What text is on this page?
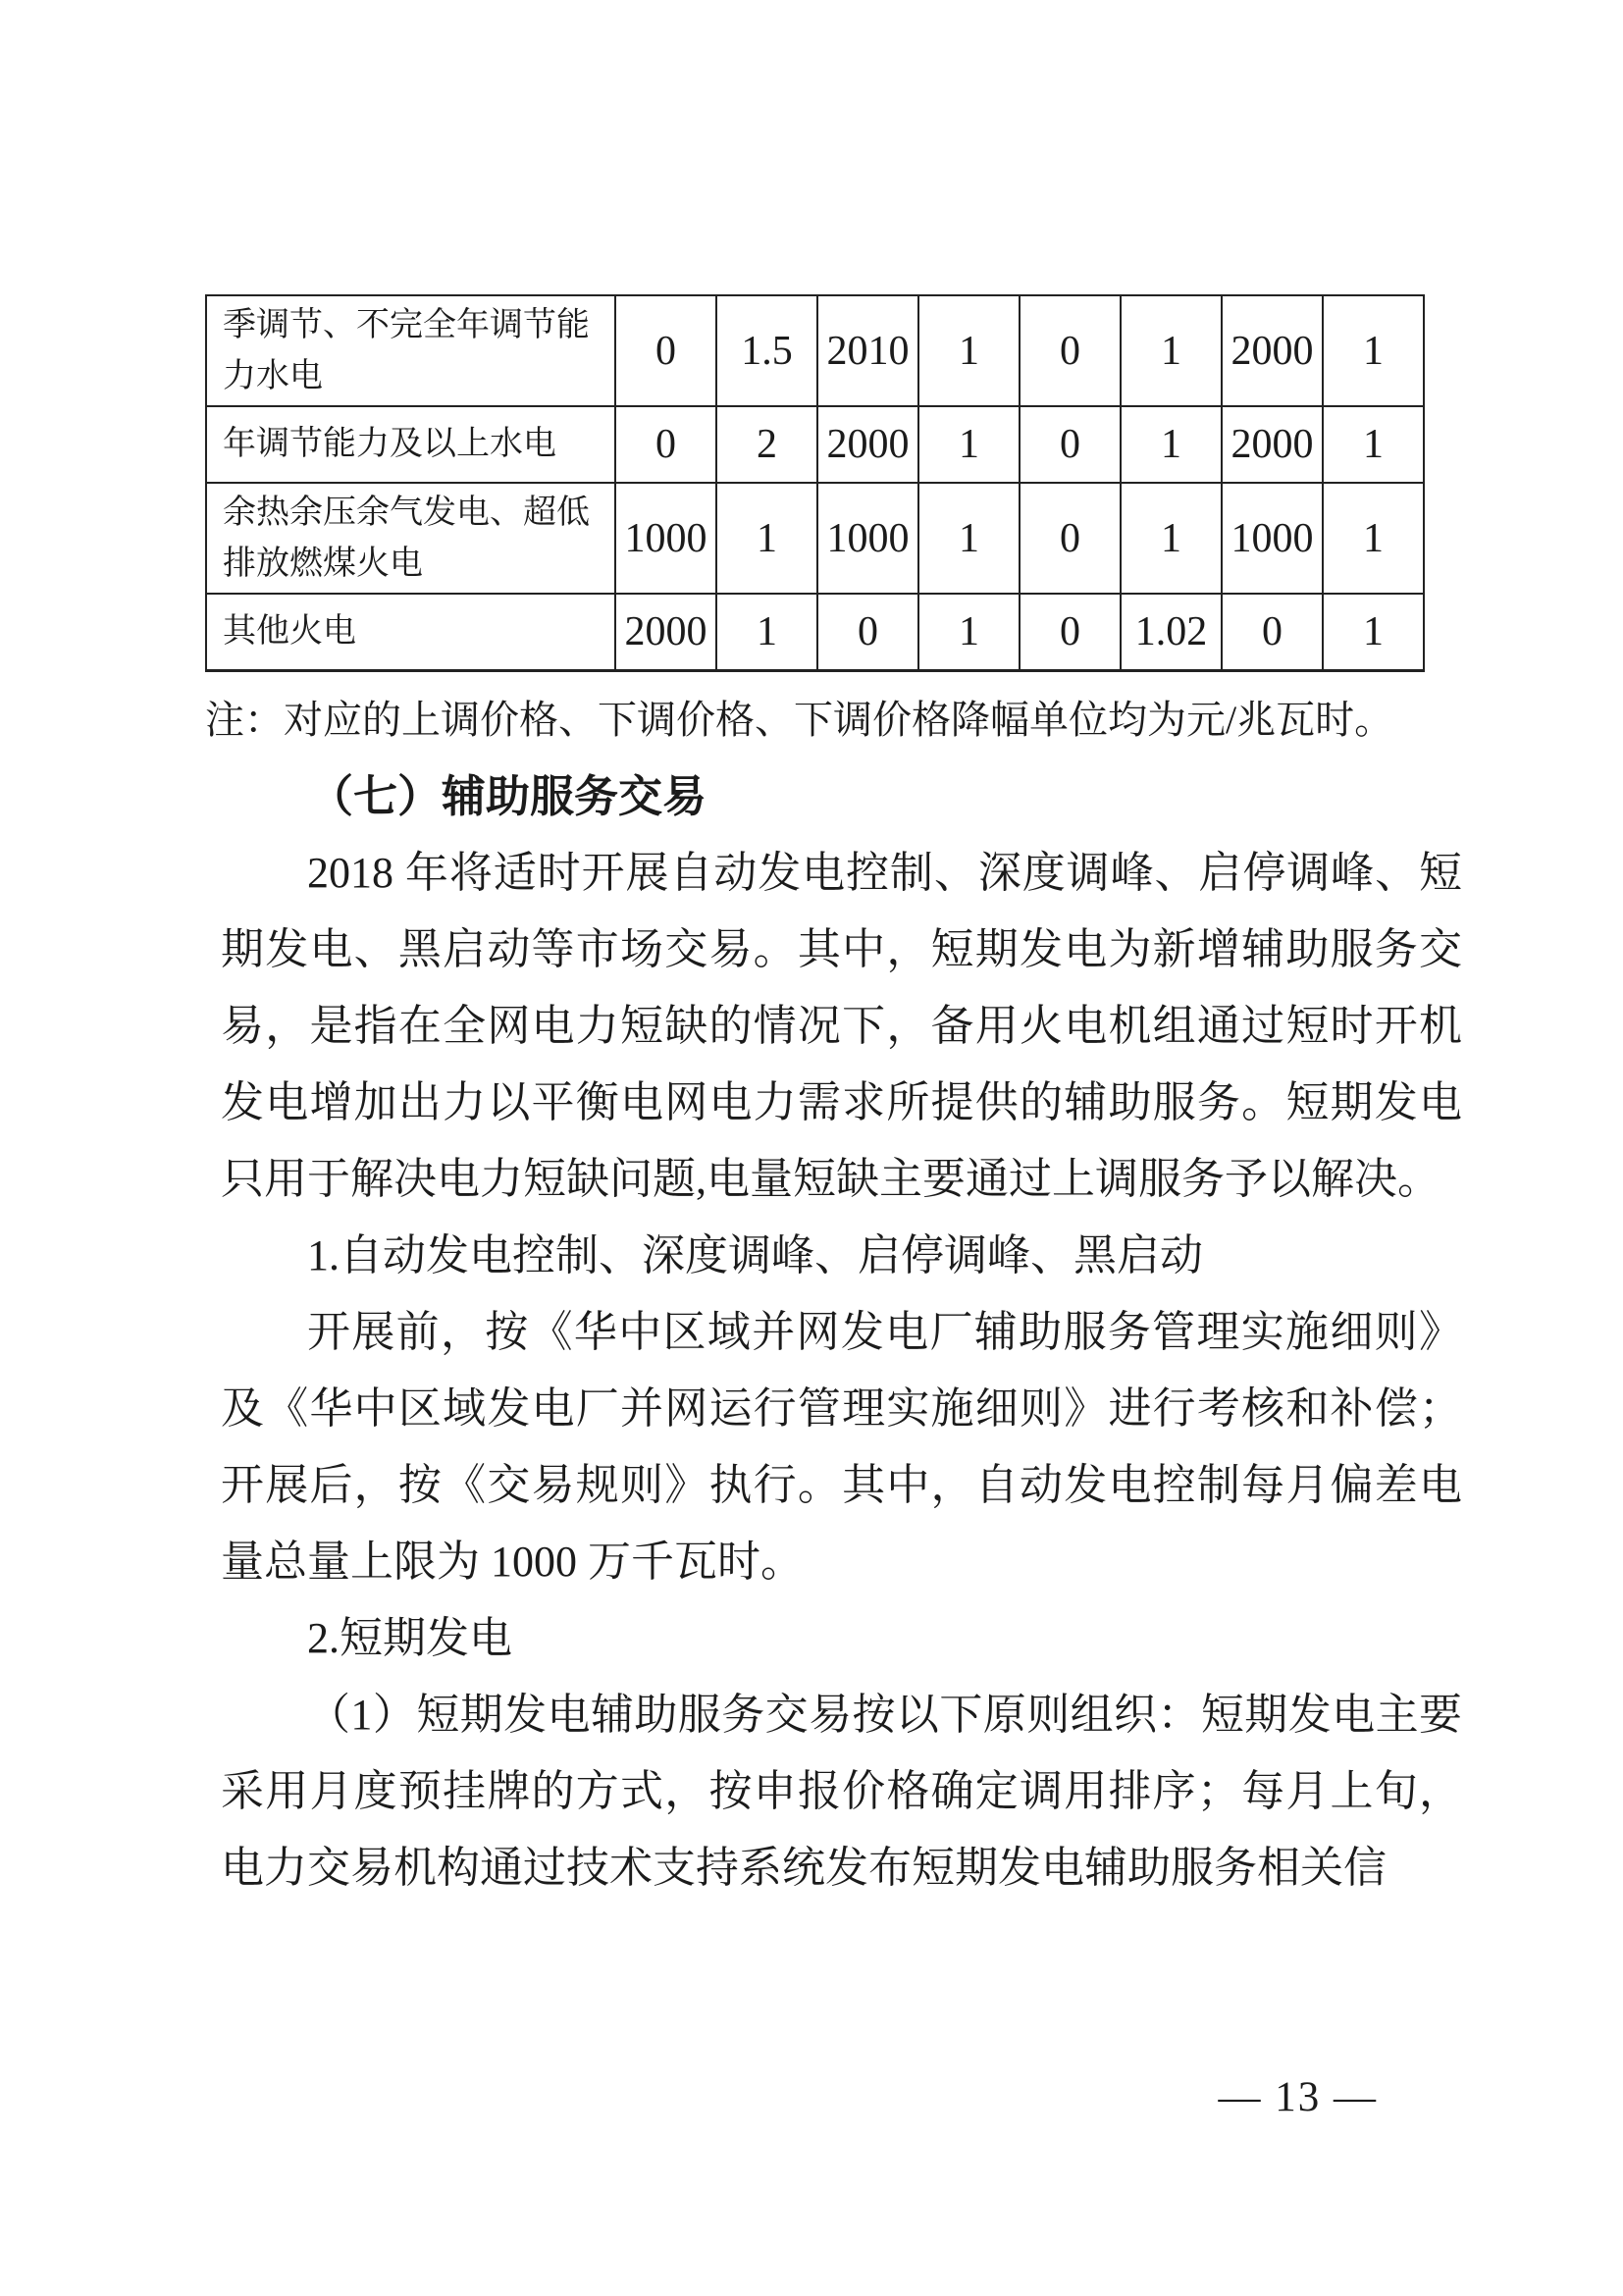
季调节、不完全年调节能力水电	0	1.5	2010	1	0	1	2000	1
年调节能力及以上水电	0	2	2000	1	0	1	2000	1
余热余压余气发电、超低排放燃煤火电	1000	1	1000	1	0	1	1000	1
其他火电	2000	1	0	1	0	1.02	0	1

注：对应的上调价格、下调价格、下调价格降幅单位均为元/兆瓦时。

（七）辅助服务交易

2018 年将适时开展自动发电控制、深度调峰、启停调峰、短期发电、黑启动等市场交易。其中，短期发电为新增辅助服务交易，是指在全网电力短缺的情况下，备用火电机组通过短时开机发电增加出力以平衡电网电力需求所提供的辅助服务。短期发电只用于解决电力短缺问题,电量短缺主要通过上调服务予以解决。

1.自动发电控制、深度调峰、启停调峰、黑启动

开展前，按《华中区域并网发电厂辅助服务管理实施细则》及《华中区域发电厂并网运行管理实施细则》进行考核和补偿；开展后，按《交易规则》执行。其中，自动发电控制每月偏差电量总量上限为 1000 万千瓦时。

2.短期发电

（1）短期发电辅助服务交易按以下原则组织：短期发电主要采用月度预挂牌的方式，按申报价格确定调用排序；每月上旬，电力交易机构通过技术支持系统发布短期发电辅助服务相关信

— 13 —
